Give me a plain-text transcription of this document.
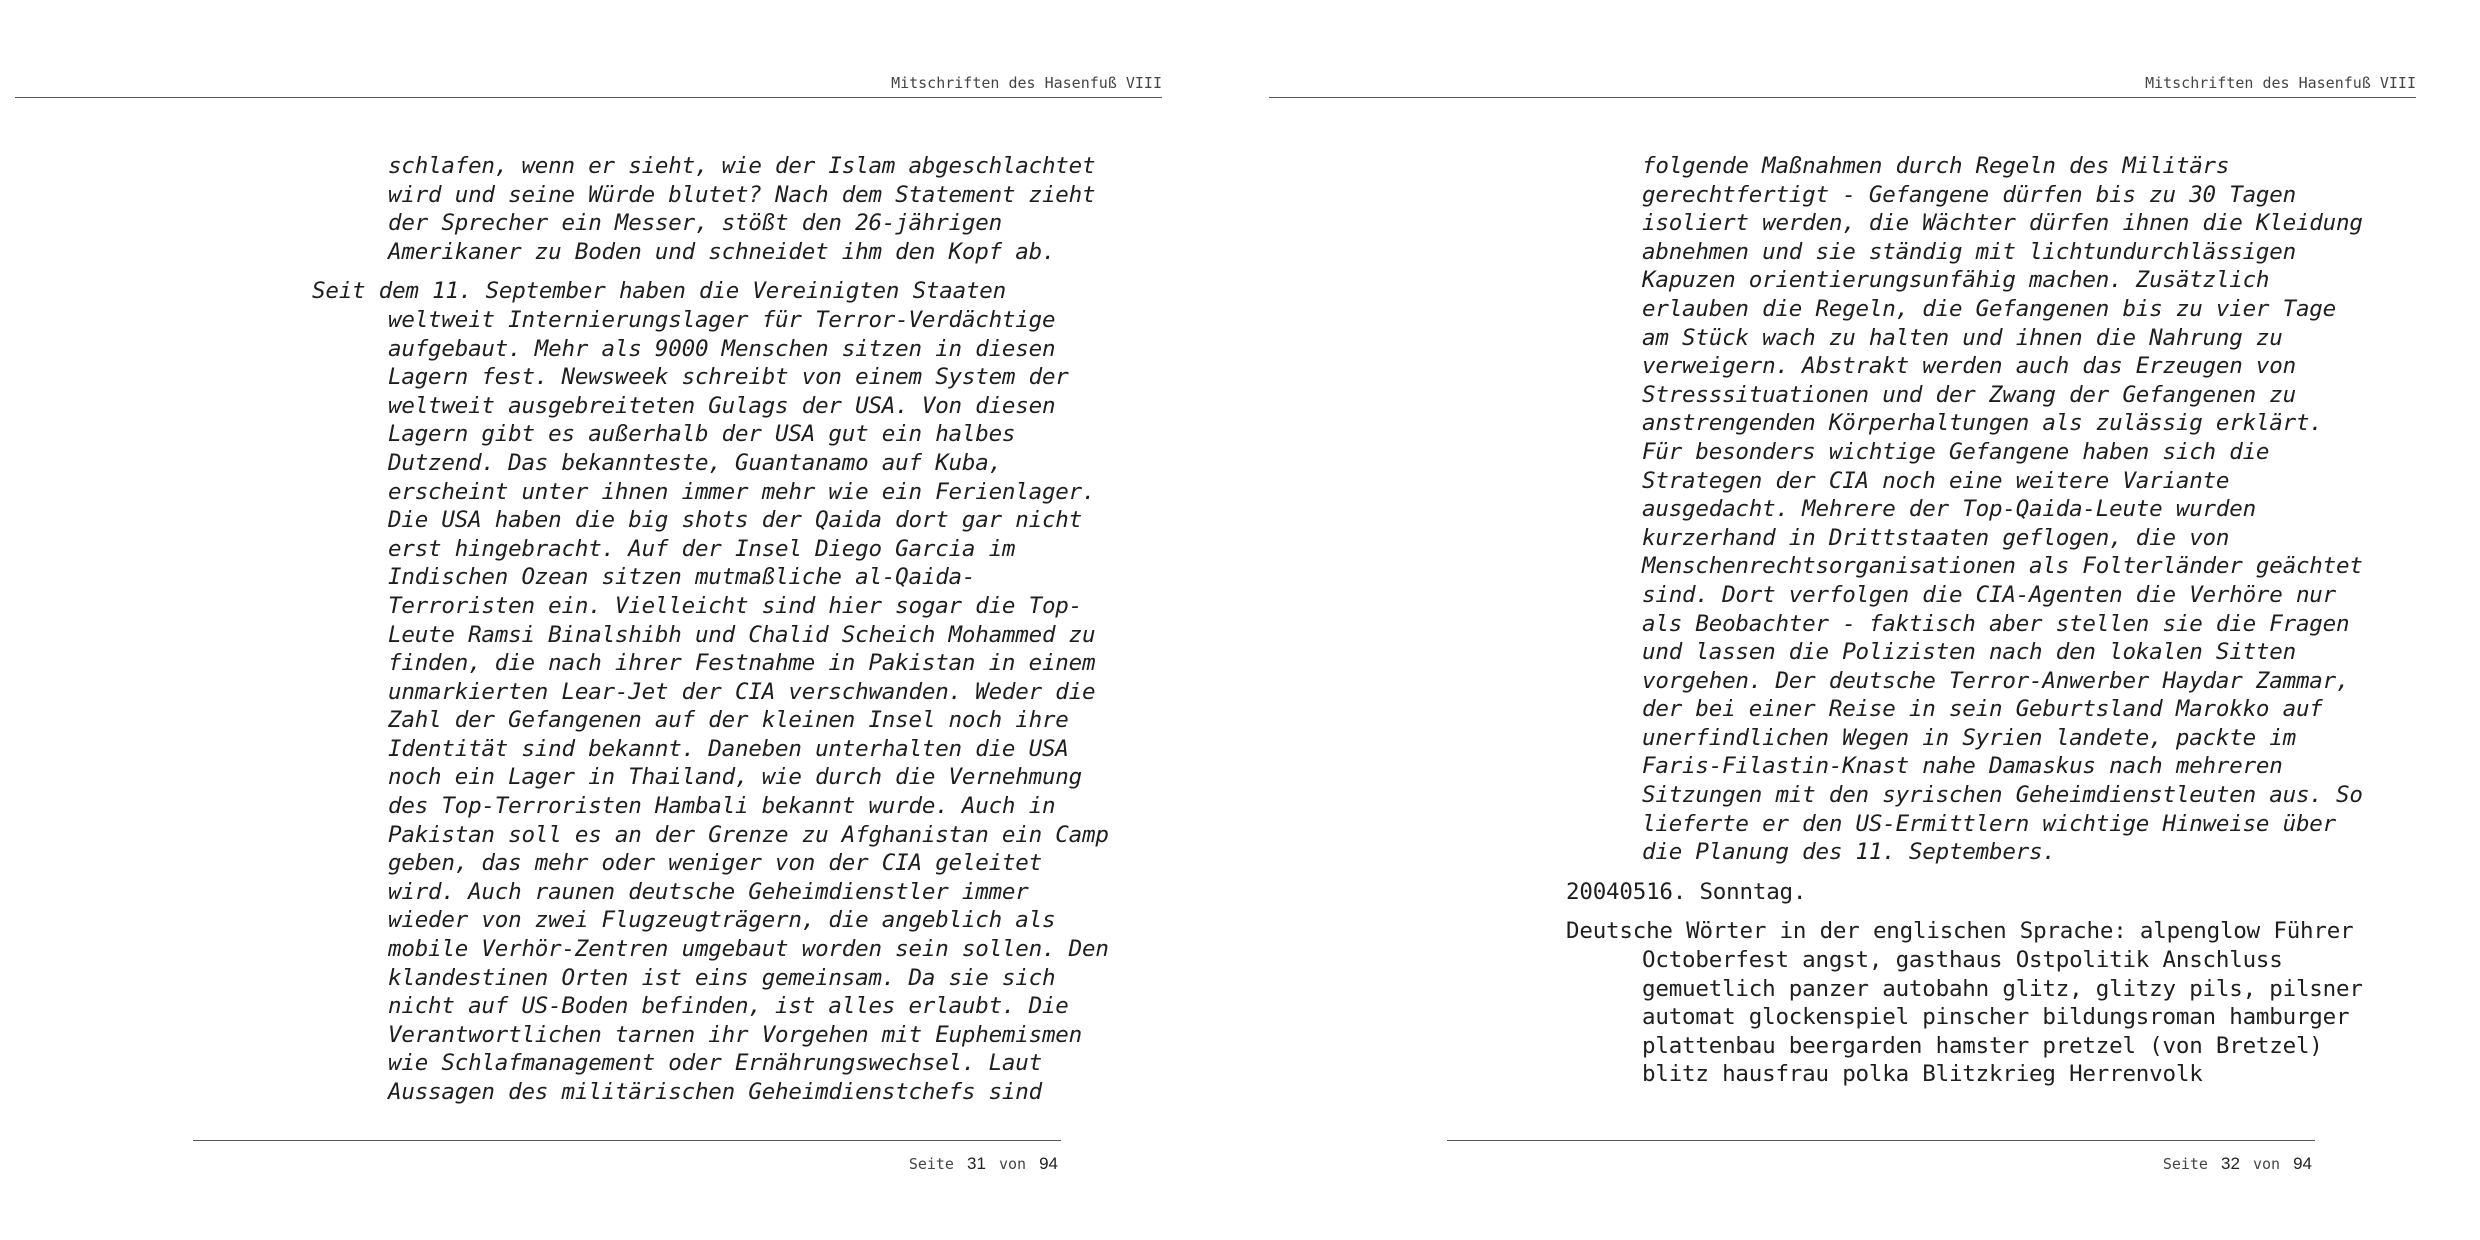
Mitschriften des Hasenfuß VIII
schlafen, wenn er sieht, wie der Islam abgeschlachtet
wird und seine Würde blutet? Nach dem Statement zieht
der Sprecher ein Messer, stößt den 26-jährigen
Amerikaner zu Boden und schneidet ihm den Kopf ab.
Seit dem 11. September haben die Vereinigten Staaten
weltweit Internierungslager für Terror-Verdächtige
aufgebaut. Mehr als 9000 Menschen sitzen in diesen
Lagern fest. Newsweek schreibt von einem System der
weltweit ausgebreiteten Gulags der USA. Von diesen
Lagern gibt es außerhalb der USA gut ein halbes
Dutzend. Das bekannteste, Guantanamo auf Kuba,
erscheint unter ihnen immer mehr wie ein Ferienlager.
Die USA haben die big shots der Qaida dort gar nicht
erst hingebracht. Auf der Insel Diego Garcia im
Indischen Ozean sitzen mutmaßliche al-Qaida-
Terroristen ein. Vielleicht sind hier sogar die Top-
Leute Ramsi Binalshibh und Chalid Scheich Mohammed zu
finden, die nach ihrer Festnahme in Pakistan in einem
unmarkierten Lear-Jet der CIA verschwanden. Weder die
Zahl der Gefangenen auf der kleinen Insel noch ihre
Identität sind bekannt. Daneben unterhalten die USA
noch ein Lager in Thailand, wie durch die Vernehmung
des Top-Terroristen Hambali bekannt wurde. Auch in
Pakistan soll es an der Grenze zu Afghanistan ein Camp
geben, das mehr oder weniger von der CIA geleitet
wird. Auch raunen deutsche Geheimdienstler immer
wieder von zwei Flugzeugträgern, die angeblich als
mobile Verhör-Zentren umgebaut worden sein sollen. Den
klandestinen Orten ist eins gemeinsam. Da sie sich
nicht auf US-Boden befinden, ist alles erlaubt. Die
Verantwortlichen tarnen ihr Vorgehen mit Euphemismen
wie Schlafmanagement oder Ernährungswechsel. Laut
Aussagen des militärischen Geheimdienstchefs sind
Seite 31 von 94
Mitschriften des Hasenfuß VIII
folgende Maßnahmen durch Regeln des Militärs
gerechtfertigt - Gefangene dürfen bis zu 30 Tagen
isoliert werden, die Wächter dürfen ihnen die Kleidung
abnehmen und sie ständig mit lichtundurchlässigen
Kapuzen orientierungsunfähig machen. Zusätzlich
erlauben die Regeln, die Gefangenen bis zu vier Tage
am Stück wach zu halten und ihnen die Nahrung zu
verweigern. Abstrakt werden auch das Erzeugen von
Stresssituationen und der Zwang der Gefangenen zu
anstrengenden Körperhaltungen als zulässig erklärt.
Für besonders wichtige Gefangene haben sich die
Strategen der CIA noch eine weitere Variante
ausgedacht. Mehrere der Top-Qaida-Leute wurden
kurzerhand in Drittstaaten geflogen, die von
Menschenrechtsorganisationen als Folterländer geächtet
sind. Dort verfolgen die CIA-Agenten die Verhöre nur
als Beobachter - faktisch aber stellen sie die Fragen
und lassen die Polizisten nach den lokalen Sitten
vorgehen. Der deutsche Terror-Anwerber Haydar Zammar,
der bei einer Reise in sein Geburtsland Marokko auf
unerfindlichen Wegen in Syrien landete, packte im
Faris-Filastin-Knast nahe Damaskus nach mehreren
Sitzungen mit den syrischen Geheimdienstleuten aus. So
lieferte er den US-Ermittlern wichtige Hinweise über
die Planung des 11. Septembers.
20040516. Sonntag.
Deutsche Wörter in der englischen Sprache: alpenglow Führer
Octoberfest angst, gasthaus Ostpolitik Anschluss
gemuetlich panzer autobahn glitz, glitzy pils, pilsner
automat glockenspiel pinscher bildungsroman hamburger
plattenbau beergarden hamster pretzel (von Bretzel)
blitz hausfrau polka Blitzkrieg Herrenvolk
Seite 32 von 94
